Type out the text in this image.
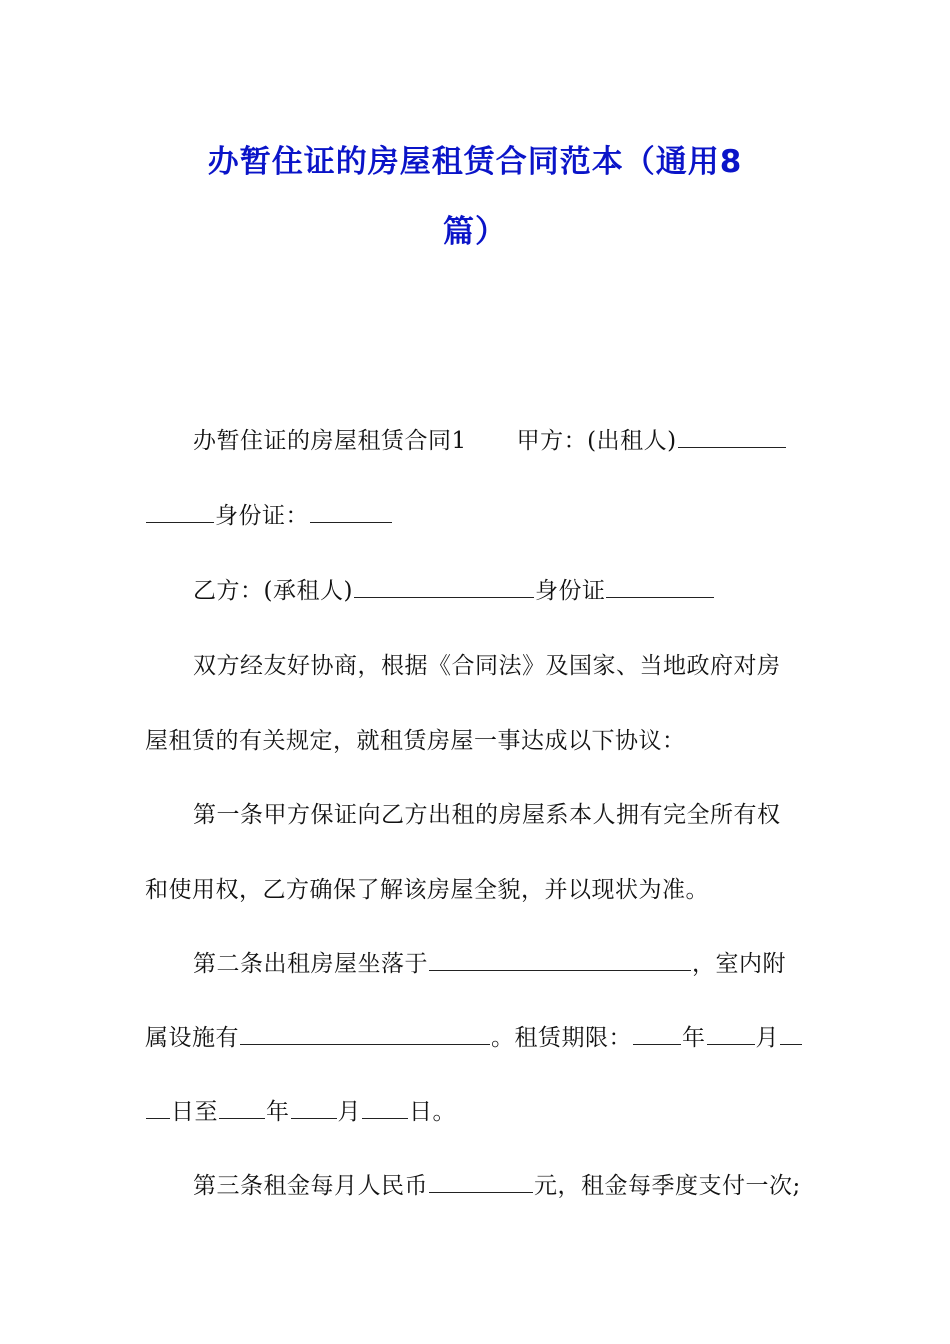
办暂住证的房屋租赁合同范本（通用8
篇）
办暂住证的房屋租赁合同1 甲方：(出租人)
身份证：
乙方：(承租人)	身份证
双方经友好协商，根据《合同法》及国家、当地政府对房
屋租赁的有关规定，就租赁房屋一事达成以下协议：
第一条甲方保证向乙方出租的房屋系本人拥有完全所有权
和使用权，乙方确保了解该房屋全貌，并以现状为准。
第二条出租房屋坐落于	，室内附
属设施有	。租赁期限： 年 月
日至 年 月 日。
第三条租金每月人民币	元，租金每季度支付一次;
